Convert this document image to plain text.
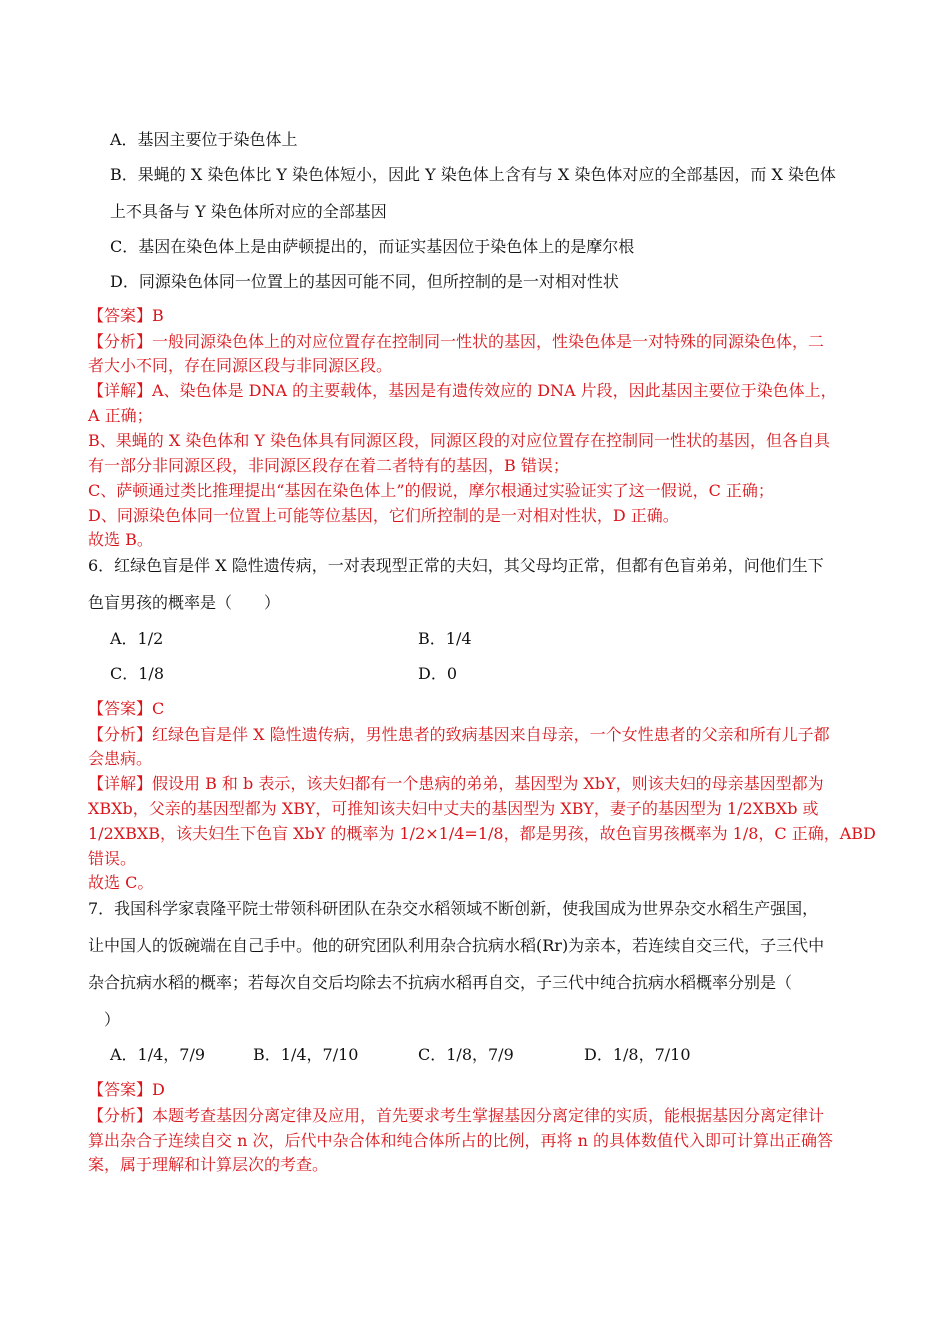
A．基因主要位于染色体上
B．果蝇的 X 染色体比 Y 染色体短小，因此 Y 染色体上含有与 X 染色体对应的全部基因，而 X 染色体
上不具备与 Y 染色体所对应的全部基因
C．基因在染色体上是由萨顿提出的，而证实基因位于染色体上的是摩尔根
D．同源染色体同一位置上的基因可能不同，但所控制的是一对相对性状
【答案】B
【分析】一般同源染色体上的对应位置存在控制同一性状的基因，性染色体是一对特殊的同源染色体，二
者大小不同，存在同源区段与非同源区段。
【详解】A、染色体是 DNA 的主要载体，基因是有遗传效应的 DNA 片段，因此基因主要位于染色体上，
A 正确；
B、果蝇的 X 染色体和 Y 染色体具有同源区段，同源区段的对应位置存在控制同一性状的基因，但各自具
有一部分非同源区段，非同源区段存在着二者特有的基因，B 错误；
C、萨顿通过类比推理提出“基因在染色体上”的假说，摩尔根通过实验证实了这一假说，C 正确；
D、同源染色体同一位置上可能等位基因，它们所控制的是一对相对性状，D 正确。
故选 B。
6．红绿色盲是伴 X 隐性遗传病，一对表现型正常的夫妇，其父母均正常，但都有色盲弟弟，问他们生下
色盲男孩的概率是（　　）
A．1/2	B．1/4
C．1/8	D．0
【答案】C
【分析】红绿色盲是伴 X 隐性遗传病，男性患者的致病基因来自母亲，一个女性患者的父亲和所有儿子都
会患病。
【详解】假设用 B 和 b 表示，该夫妇都有一个患病的弟弟，基因型为 XbY，则该夫妇的母亲基因型都为
XBXb，父亲的基因型都为 XBY，可推知该夫妇中丈夫的基因型为 XBY，妻子的基因型为 1/2XBXb 或
1/2XBXB，该夫妇生下色盲 XbY 的概率为 1/2×1/4=1/8，都是男孩，故色盲男孩概率为 1/8，C 正确，ABD
错误。
故选 C。
7．我国科学家袁隆平院士带领科研团队在杂交水稻领域不断创新，使我国成为世界杂交水稻生产强国，
让中国人的饭碗端在自己手中。他的研究团队利用杂合抗病水稻(Rr)为亲本，若连续自交三代，子三代中
杂合抗病水稻的概率；若每次自交后均除去不抗病水稻再自交，子三代中纯合抗病水稻概率分别是（
）
A．1/4，7/9	B．1/4，7/10	C．1/8，7/9	D．1/8，7/10
【答案】D
【分析】本题考查基因分离定律及应用，首先要求考生掌握基因分离定律的实质，能根据基因分离定律计
算出杂合子连续自交 n 次，后代中杂合体和纯合体所占的比例，再将 n 的具体数值代入即可计算出正确答
案，属于理解和计算层次的考查。
